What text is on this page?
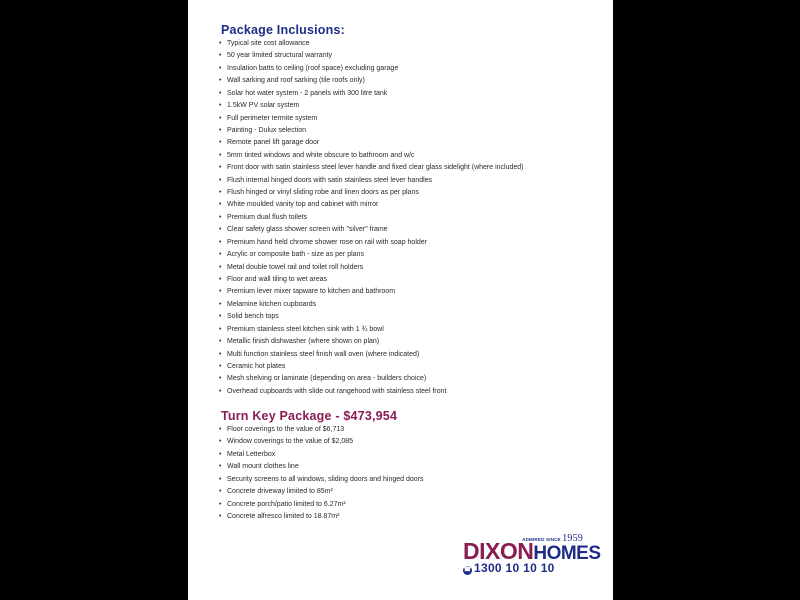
Package Inclusions:
• Typical site cost allowance
• 50 year limited structural warranty
• Insulation batts to ceiling (roof space) excluding garage
• Wall sarking and roof sarking (tile roofs only)
• Solar hot water system - 2 panels with 300 litre tank
• 1.5kW PV solar system
• Full perimeter termite system
• Painting - Dulux selection
• Remote panel lift garage door
• 5mm tinted windows and white obscure to bathroom and w/c
• Front door with satin stainless steel lever handle and fixed clear glass sidelight (where included)
• Flush internal hinged doors with satin stainless steel lever handles
• Flush hinged or vinyl sliding robe and linen doors as per plans
• White moulded vanity top and cabinet with mirror
• Premium dual flush toilets
• Clear safety glass shower screen with "silver" frame
• Premium hand held chrome shower rose on rail with soap holder
• Acrylic or composite bath - size as per plans
• Metal double towel rail and toilet roll holders
• Floor and wall tiling to wet areas
• Premium lever mixer tapware to kitchen and bathroom
• Melamine kitchen cupboards
• Solid bench tops
• Premium stainless steel kitchen sink with 1 ¾ bowl
• Metallic finish dishwasher (where shown on plan)
• Multi function stainless steel finish wall oven (where indicated)
• Ceramic hot plates
• Mesh shelving or laminate (depending on area - builders choice)
• Overhead cupboards with slide out rangehood with stainless steel front
Turn Key Package - $473,954
• Floor coverings to the value of $6,713
• Window coverings to the value of $2,085
• Metal Letterbox
• Wall mount clothes line
• Security screens to all windows, sliding doors and hinged doors
• Concrete driveway limited to 85m²
• Concrete porch/patio limited to 6.27m²
• Concrete alfresco limited to 18.87m²
ADMIRED SINCE 1959
DIXONHOMES
☎ 1300 10 10 10
